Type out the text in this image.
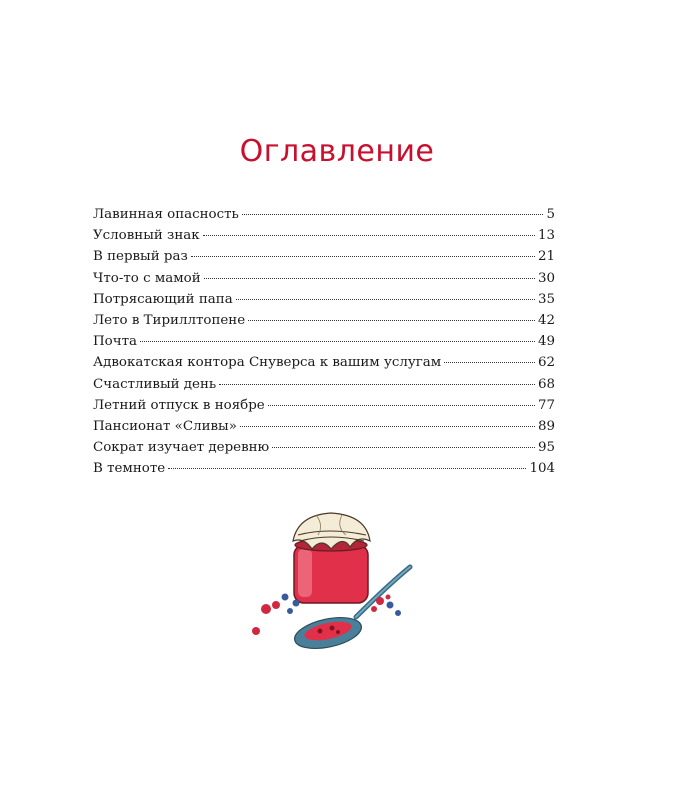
Оглавление
Лавинная опасность	5
Условный знак	13
В первый раз	21
Что-то с мамой	30
Потрясающий папа	35
Лето в Тириллтопене	42
Почта	49
Адвокатская контора Снуверса к вашим услугам	62
Счастливый день	68
Летний отпуск в ноябре	77
Пансионат «Сливы»	89
Сократ изучает деревню	95
В темноте	104
